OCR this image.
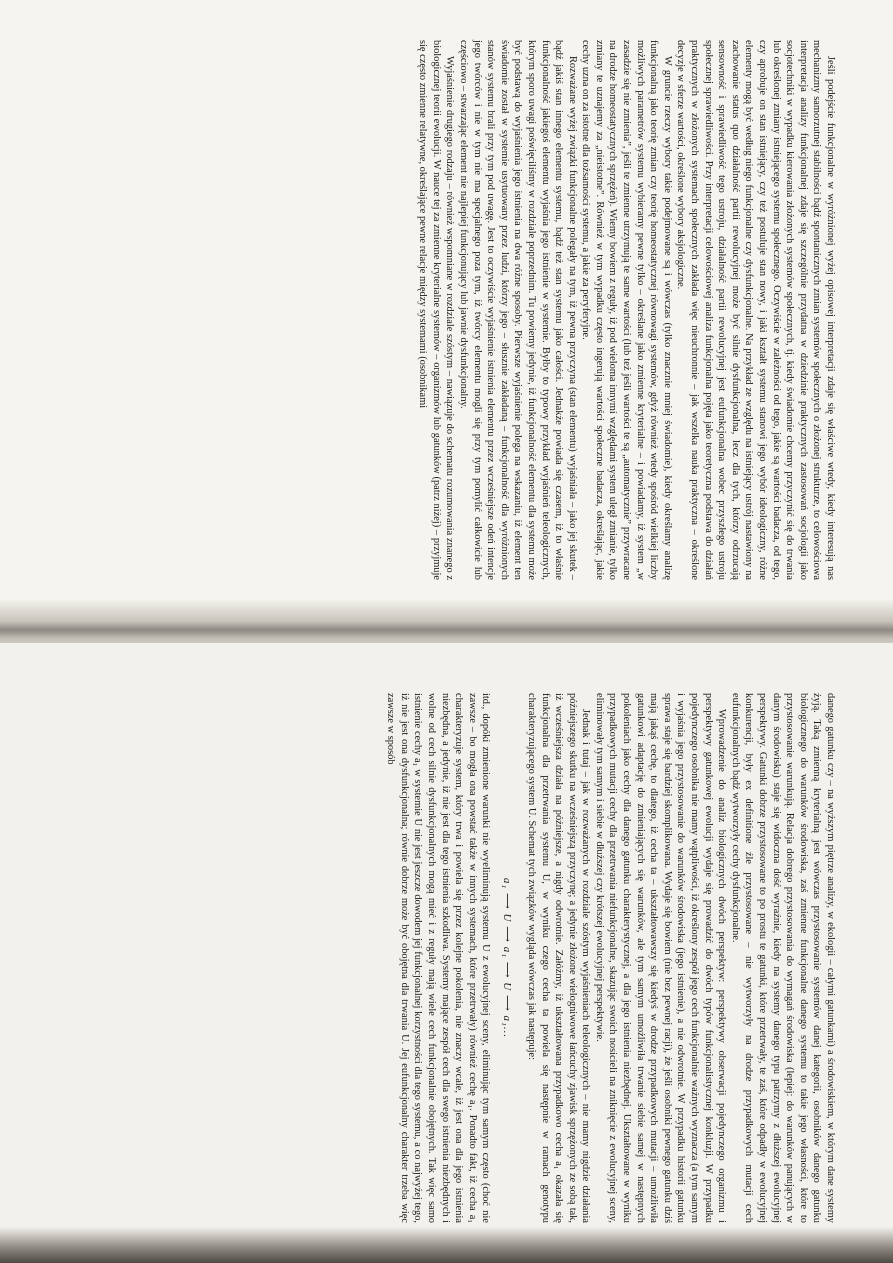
Jeśli podejście funkcjonalne w wyróżnionej wyżej opisowej interpretacji zdaje się właściwe wtedy, kiedy interesują nas mechanizmy samorzutnej stabilności bądź spontanicznych zmian systemów społecznych o złożonej strukturze, to celowościowa interpretacja analizy funkcjonalnej zdaje się szczególnie przydatna w dziedzinie praktycznych zastosowań socjologii jako socjotechniki w wypadku kierowania złożonych systemów społecznych, tj. kiedy świadomie chcemy przyczynić się do trwania lub określonej zmiany istniejącego systemu społecznego. Oczywiście w zależności od tego, jakie są wartości badacza, od tego, czy aprobuje on stan istniejący, czy też postuluje stan nowy, i jaki kształt systemu stanowi jego wybór ideologiczny, różne elementy mogą być według niego funkcjonalne czy dysfunkcjonalne. Na przykład ze względu na istniejący ustrój nastawiony na zachowanie status quo działalność partii rewolucyjnej może być silnie dysfunkcjonalna, lecz dla tych, którzy odrzucają sensowność i sprawiedliwość tego ustroju, działalność partii rewolucyjnej jest eufunkcjonalna wobec przyszłego ustroju społecznej sprawiedliwości. Przy interpretacji celowościowej analiza funkcjonalna pojęta jako teoretyczna podstawa do działań praktycznych w złożonych systemach społecznych zakłada więc nieuchronnie – jak wszelka nauka praktyczna – określone decyzje w sferze wartości, określone wybory aksjologiczne.

W gruncie rzeczy wybory takie podejmowane są i wówczas (tylko znacznie mniej świadomie), kiedy określamy analizę funkcjonalną jako teorię zmian czy teorię homeostatycznej równowagi systemów, gdyż również wtedy spośród wielkiej liczby możliwych parametrów systemu wybieramy pewne tylko – określane jako zmienne kryterialne – i powiadamy, iż system „w zasadzie się nie zmienia”, jeśli te zmienne utrzymują te same wartości (lub też jeśli wartości te są „automatycznie” przywracane na drodze homeostatycznych sprzężeń). Wiemy bowiem z reguły, iż pod wieloma innymi względami system uległ zmianie, tylko zmiany te uznajemy za „nieistotne”. Również w tym wypadku często ingerują wartości społeczne badacza, określając, jakie cechy uzna on za istotne dla tożsamości systemu, a jakie za peryferyjne.

Rozważane wyżej związki funkcjonalne polegały na tym, iż pewna przyczyna (stan elementu) wyjaśniała – jako jej skutek – bądź jakiś stan innego elementu systemu, bądź też stan systemu jako całości. Jednakże powiada się czasem, iż to właśnie funkcjonalność jakiegoś elementu wyjaśnia jego istnienie w systemie. Byłby to typowy przykład wyjaśnień teleologicznych, którym sporo uwagi poświęciliśmy w rozdziale poprzednim. Tu powiemy jedynie, iż funkcjonalność elementu dla systemu może być podstawą do wyjaśnienia jego istnienia na dwa różne sposoby. Pierwsze wyjaśnienie polega na wskazaniu, iż element ten świadomie został w systemie usytuowany przez ludzi, którzy jego – słusznie zakładaną – funkcjonalność dla wyróżnionych stanów systemu brali przy tym pod uwagę. Jest to oczywiście wyjaśnienie istnienia elementu przez wcześniejsze odeń intencje jego twórców i nie w tym nie ma specjalnego poza tym, iż twórcy elementu mogli się przy tym pomylić całkowicie lub częściowo – stwarzając element nie najlepiej funkcjonujący lub jawnie dysfunkcjonalny.

Wyjaśnienie drugiego rodzaju – również wspomniane w rozdziale szóstym – nawiązuje do schematu rozumowania znanego z biologicznej teorii ewolucji. W nauce tej za zmienne kryterialne systemów – organizmów lub gatunków (patrz niżej) – przyjmuje się często zmienne relatywne, określające pewne relacje między systemami (osobnikami

danego gatunku czy – na wyższym piętrze analizy, w ekologii – całymi gatunkami) a środowiskiem, w którym dane systemy żyją. Taką zmienną kryterialną jest wówczas przystosowanie systemów danej kategorii, osobników danego gatunku biologicznego do warunków środowiska, zaś zmienne funkcjonalne danego systemu to takie jego własności, które to przystosowanie warunkują. Relacja dobrego przystosowania do wymagań środowiska (lepiej: do warunków panujących w danym środowisku) staje się widoczna dość wyraźnie, kiedy na systemy danego typu patrzymy z dłuższej ewolucyjnej perspektywy. Gatunki dobrze przystosowane to po prostu te gatunki, które przetrwały, te zaś, które odpadły w ewolucyjnej konkurencji, były ex definitione źle przystosowane – nie wytworzyły na drodze przypadkowych mutacji cech eufunkcjonalnych bądź wytworzyły cechy dysfunkcjonalne.

Wprowadzenie do analiz biologicznych dwóch perspektyw: perspektywy obserwacji pojedynczego organizmu i perspektywy gatunkowej ewolucji wydaje się prowadzić do dwóch typów funkcjonalistycznej konkluzji. W przypadku pojedynczego osobnika nie mamy wątpliwości, iż określony zespół jego cech funkcjonalnie ważnych wyznacza (a tym samym i wyjaśnia jego przystosowanie do warunków środowiska (jego istnienie), a nie odwrotnie. W przypadku historii gatunku sprawa staje się bardziej skomplikowana. Wydaje się bowiem (nie bez pewnej racji), że jeśli osobniki pewnego gatunku dziś mają jakąś cechę, to dlatego, iż cecha ta – ukształtowawszy się kiedyś w drodze przypadkowych mutacji – umożliwiła gatunkowi adaptację do zmieniających się warunków, ale tym samym umożliwiła trwanie siebie samej w następnych pokoleniach jako cechy dla danego gatunku charakterystycznej, a dla jego istnienia niezbędnej. Ukształtowane w wyniku przypadkowych mutacji cechy dla przetrwania niefunkcjonalne, skazując swoich nosicieli na zniknięcie z ewolucyjnej sceny, eliminowały tym samym i siebie w dłuższej czy krótszej ewolucyjnej perspektywie.

Jednak i tutaj – jak w rozważanych w rozdziale szóstym wyjaśnieniach teleologicznych – nie mamy nigdzie działania późniejszego skutku na wcześniejszą przyczynę; a jedynie złożone wielogniwowe łańcuchy zjawisk sprzężonych ze sobą tak, iż wcześniejsza działa na późniejsze, a nigdy odwrotnie. Załóżmy, iż ukształtowana przypadkowo cecha a₁ okazała się funkcjonalna dla przetrwania systemu U, w wyniku czego cecha ta powiela się następnie w ramach genotypu charakteryzującego system U. Schemat tych związków wygląda wówczas jak następuje:

a₁ ⟶ U ⟶ a₁ ⟶ U ⟶ a₁...

itd., dopóki zmienione warunki nie wyeliminują systemu U z ewolucyjnej sceny, eliminując tym samym często (choć nie zawsze – bo mogła ona powstać także w innych systemach, które przetrwały) również cechę a₁. Ponadto fakt, iż cecha a₁ charakteryzuje system, który trwa i powiela się przez kolejne pokolenia, nie znaczy wcale, iż jest ona dla jego istnienia niezbędna, a jedynie, iż nie jest dla tego istnienia szkodliwa. Systemy mające zespół cech dla swego istnienia niezbędnych i wolne od cech silnie dysfunkcjonalnych mogą mieć i z reguły mają wiele cech funkcjonalnie obojętnych. Tak więc samo istnienie cechy a₁ w systemie U nie jest jeszcze dowodem jej funkcjonalnej korzystności dla tego systemu, a co najwyżej tego, iż nie jest ona dysfunkcjonalna; równie dobrze może być obojętna dla trwania U. Jej eufunkcjonalny charakter trzeba więc zawsze w sposób
